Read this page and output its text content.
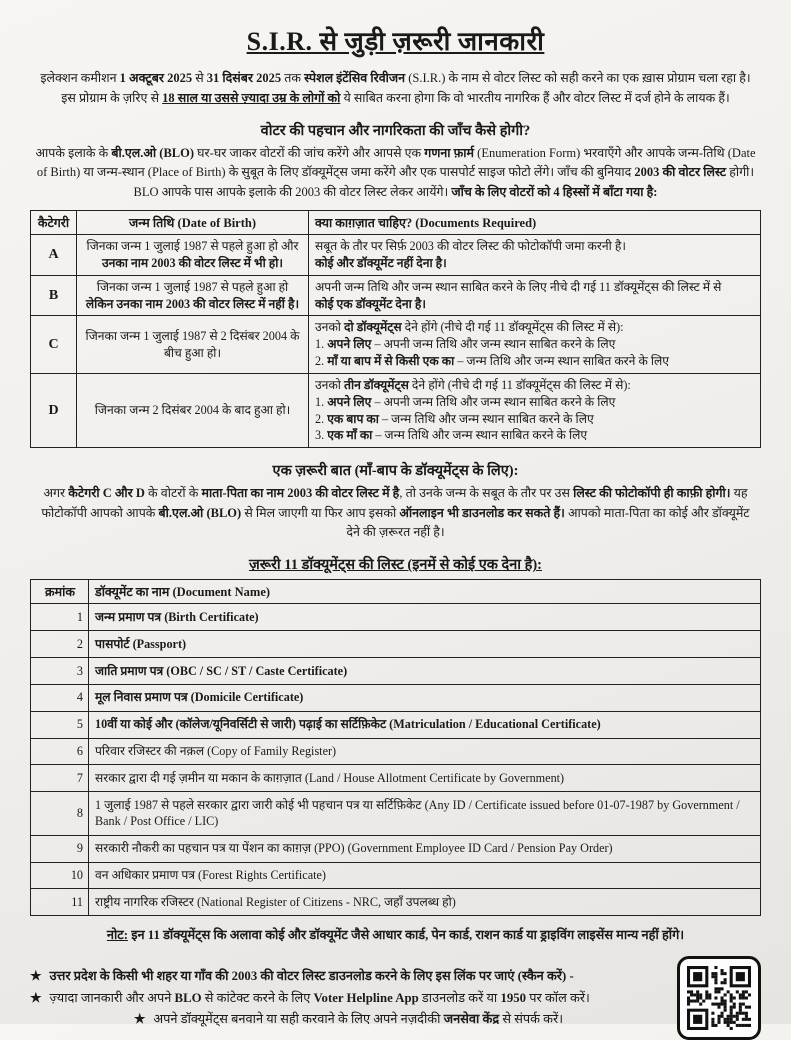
S.I.R. से जुड़ी ज़रूरी जानकारी

इलेक्शन कमीशन 1 अक्टूबर 2025 से 31 दिसंबर 2025 तक स्पेशल इंटेंसिव रिवीजन (S.I.R.) के नाम से वोटर लिस्ट को सही करने का एक ख़ास प्रोग्राम चला रहा है। इस प्रोग्राम के ज़रिए से 18 साल या उससे ज़्यादा उम्र के लोगों को ये साबित करना होगा कि वो भारतीय नागरिक हैं और वोटर लिस्ट में दर्ज होने के लायक हैं।

वोटर की पहचान और नागरिकता की जाँच कैसे होगी?

आपके इलाके के बी.एल.ओ (BLO) घर-घर जाकर वोटरों की जांच करेंगे और आपसे एक गणना फ़ार्म (Enumeration Form) भरवाएँगे और आपके जन्म-तिथि (Date of Birth) या जन्म-स्थान (Place of Birth) के सुबूत के लिए डॉक्यूमेंट्स जमा करेंगे और एक पासपोर्ट साइज फोटो लेंगे। जाँच की बुनियाद 2003 की वोटर लिस्ट होगी। BLO आपके पास आपके इलाके की 2003 की वोटर लिस्ट लेकर आयेंगे। जाँच के लिए वोटरों को 4 हिस्सों में बाँटा गया है:

कैटेगरी	जन्म तिथि (Date of Birth)	क्या काग़ज़ात चाहिए? (Documents Required)
A	जिनका जन्म 1 जुलाई 1987 से पहले हुआ हो और उनका नाम 2003 की वोटर लिस्ट में भी हो।	सबूत के तौर पर सिर्फ़ 2003 की वोटर लिस्ट की फोटोकॉपी जमा करनी है।
कोई और डॉक्यूमेंट नहीं देना है।

B	जिनका जन्म 1 जुलाई 1987 से पहले हुआ हो लेकिन उनका नाम 2003 की वोटर लिस्ट में नहीं है।	अपनी जन्म तिथि और जन्म स्थान साबित करने के लिए नीचे दी गई 11 डॉक्यूमेंट्स की लिस्ट में से
कोई एक डॉक्यूमेंट देना है।

C	जिनका जन्म 1 जुलाई 1987 से 2 दिसंबर 2004 के बीच हुआ हो।	उनको दो डॉक्यूमेंट्स देने होंगे (नीचे दी गई 11 डॉक्यूमेंट्स की लिस्ट में से):
1. अपने लिए – अपनी जन्म तिथि और जन्म स्थान साबित करने के लिए
2. माँ या बाप में से किसी एक का – जन्म तिथि और जन्म स्थान साबित करने के लिए

D	जिनका जन्म 2 दिसंबर 2004 के बाद हुआ हो।	उनको तीन डॉक्यूमेंट्स देने होंगे (नीचे दी गई 11 डॉक्यूमेंट्स की लिस्ट में से):
1. अपने लिए – अपनी जन्म तिथि और जन्म स्थान साबित करने के लिए
2. एक बाप का – जन्म तिथि और जन्म स्थान साबित करने के लिए
3. एक माँ का – जन्म तिथि और जन्म स्थान साबित करने के लिए
एक ज़रूरी बात (माँ-बाप के डॉक्यूमेंट्स के लिए):

अगर कैटेगरी C और D के वोटरों के माता-पिता का नाम 2003 की वोटर लिस्ट में है, तो उनके जन्म के सबूत के तौर पर उस लिस्ट की फोटोकॉपी ही काफ़ी होगी। यह फोटोकॉपी आपको आपके बी.एल.ओ (BLO) से मिल जाएगी या फिर आप इसको ऑनलाइन भी डाउनलोड कर सकते हैं। आपको माता-पिता का कोई और डॉक्यूमेंट देने की ज़रूरत नहीं है।

ज़रूरी 11 डॉक्यूमेंट्स की लिस्ट (इनमें से कोई एक देना है):
क्रमांक	डॉक्यूमेंट का नाम (Document Name)
1	जन्म प्रमाण पत्र (Birth Certificate)
2	पासपोर्ट (Passport)
3	जाति प्रमाण पत्र (OBC / SC / ST / Caste Certificate)
4	मूल निवास प्रमाण पत्र (Domicile Certificate)
5	10वीं या कोई और (कॉलेज/यूनिवर्सिटी से जारी) पढ़ाई का सर्टिफ़िकेट (Matriculation / Educational Certificate)
6	परिवार रजिस्टर की नक़ल (Copy of Family Register)
7	सरकार द्वारा दी गई ज़मीन या मकान के काग़ज़ात (Land / House Allotment Certificate by Government)
8	1 जुलाई 1987 से पहले सरकार द्वारा जारी कोई भी पहचान पत्र या सर्टिफ़िकेट (Any ID / Certificate issued before 01-07-1987 by Government / Bank / Post Office / LIC)
9	सरकारी नौकरी का पहचान पत्र या पेंशन का काग़ज़ (PPO) (Government Employee ID Card / Pension Pay Order)
10	वन अधिकार प्रमाण पत्र (Forest Rights Certificate)
11	राष्ट्रीय नागरिक रजिस्टर (National Register of Citizens - NRC, जहाँ उपलब्ध हो)

नोट: इन 11 डॉक्यूमेंट्स कि अलावा कोई और डॉक्यूमेंट जैसे आधार कार्ड, पेन कार्ड, राशन कार्ड या ड्राइविंग लाइसेंस मान्य नहीं होंगे।

★ उत्तर प्रदेश के किसी भी शहर या गाँव की 2003 की वोटर लिस्ट डाउनलोड करने के लिए इस लिंक पर जाएं (स्कैन करें) -
★ ज़्यादा जानकारी और अपने BLO से कांटेक्ट करने के लिए Voter Helpline App डाउनलोड करें या 1950 पर कॉल करें।
★ अपने डॉक्यूमेंट्स बनवाने या सही करवाने के लिए अपने नज़दीकी जनसेवा केंद्र से संपर्क करें।
